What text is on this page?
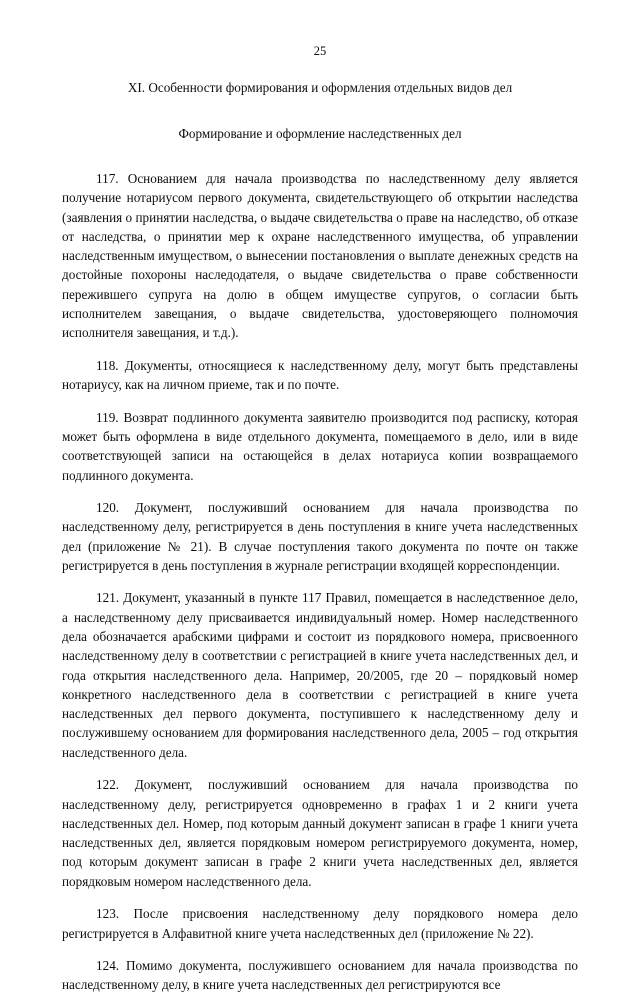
25
XI. Особенности формирования и оформления отдельных видов дел
Формирование и оформление наследственных дел

117. Основанием для начала производства по наследственному делу является получение нотариусом первого документа, свидетельствующего об открытии наследства (заявления о принятии наследства, о выдаче свидетельства о праве на наследство, об отказе от наследства, о принятии мер к охране наследственного имущества, об управлении наследственным имуществом, о вынесении постановления о выплате денежных средств на достойные похороны наследодателя, о выдаче свидетельства о праве собственности пережившего супруга на долю в общем имуществе супругов, о согласии быть исполнителем завещания, о выдаче свидетельства, удостоверяющего полномочия исполнителя завещания, и т.д.).

118. Документы, относящиеся к наследственному делу, могут быть представлены нотариусу, как на личном приеме, так и по почте.

119. Возврат подлинного документа заявителю производится под расписку, которая может быть оформлена в виде отдельного документа, помещаемого в дело, или в виде соответствующей записи на остающейся в делах нотариуса копии возвращаемого подлинного документа.

120. Документ, послуживший основанием для начала производства по наследственному делу, регистрируется в день поступления в книге учета наследственных дел (приложение № 21). В случае поступления такого документа по почте он также регистрируется в день поступления в журнале регистрации входящей корреспонденции.

121. Документ, указанный в пункте 117 Правил, помещается в наследственное дело, а наследственному делу присваивается индивидуальный номер. Номер наследственного дела обозначается арабскими цифрами и состоит из порядкового номера, присвоенного наследственному делу в соответствии с регистрацией в книге учета наследственных дел, и года открытия наследственного дела. Например, 20/2005, где 20 – порядковый номер конкретного наследственного дела в соответствии с регистрацией в книге учета наследственных дел первого документа, поступившего к наследственному делу и послужившему основанием для формирования наследственного дела, 2005 – год открытия наследственного дела.

122. Документ, послуживший основанием для начала производства по наследственному делу, регистрируется одновременно в графах 1 и 2 книги учета наследственных дел. Номер, под которым данный документ записан в графе 1 книги учета наследственных дел, является порядковым номером регистрируемого документа, номер, под которым документ записан в графе 2 книги учета наследственных дел, является порядковым номером наследственного дела.

123. После присвоения наследственному делу порядкового номера дело регистрируется в Алфавитной книге учета наследственных дел (приложение № 22).

124. Помимо документа, послужившего основанием для начала производства по наследственному делу, в книге учета наследственных дел регистрируются все
